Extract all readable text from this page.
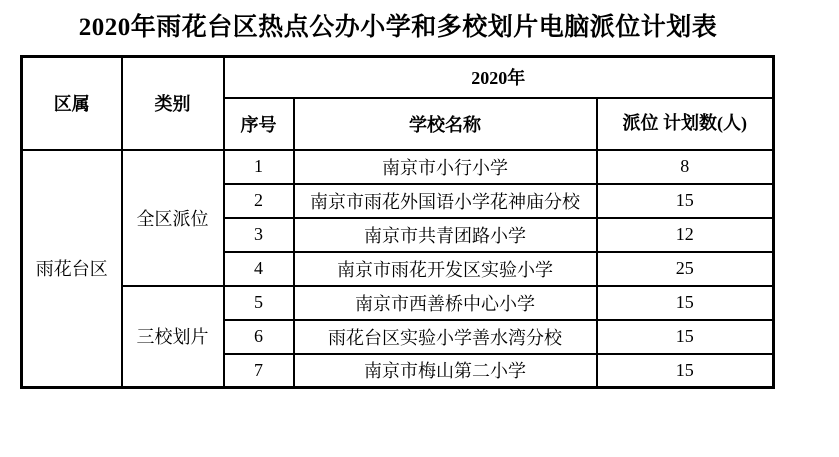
2020年雨花台区热点公办小学和多校划片电脑派位计划表
区属	类别	2020年		
		序号	学校名称	派位 计划数(人)
雨花台区	全区派位	1	南京市小行小学	8
		2	南京市雨花外国语小学花神庙分校	15
		3	南京市共青团路小学	12
		4	南京市雨花开发区实验小学	25
	三校划片	5	南京市西善桥中心小学	15
		6	雨花台区实验小学善水湾分校	15
		7	南京市梅山第二小学	15
